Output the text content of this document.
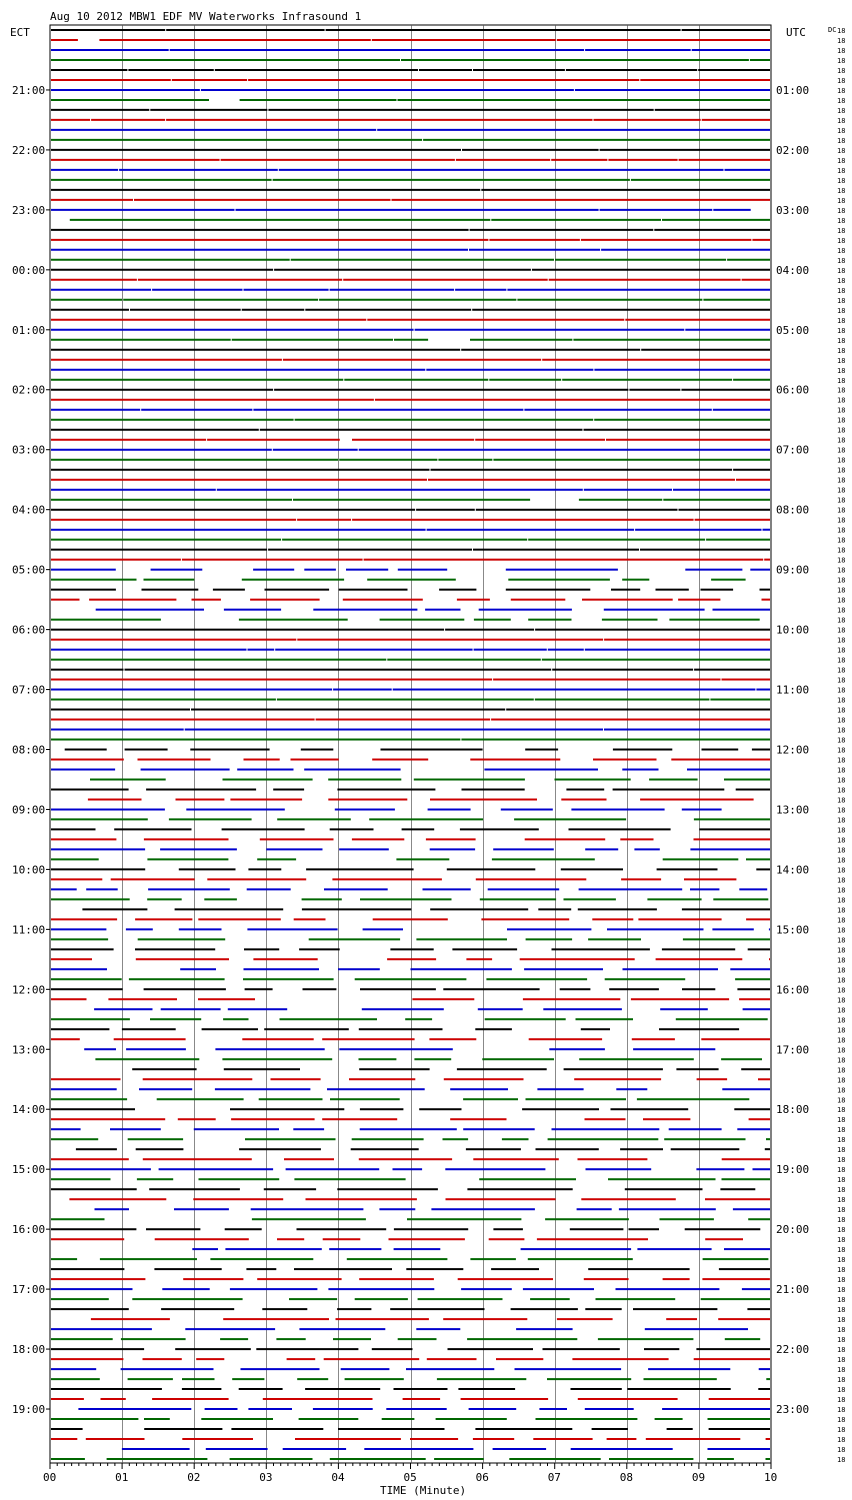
Aug 10 2012 MBW1 EDF MV Waterworks Infrasound 1
ECT	UTC	DC
TIME (Minute)
00	01	02	03	04	05	06	07	08	09	10
18
18
18
18
18
18
18
18
18
18
18
18
18
18
18
18
18
18
18
18
18
18
18
18
18
18
18
18
18
18
18
18
18
18
18
18
18
18
18
18
18
18
18
18
18
18
18
18
18
18
18
18
18
18
18
18
18
18
18
18
18
18
18
18
18
18
18
18
18
18
18
18
18
18
18
18
18
18
18
18
18
18
18
18
18
18
18
18
18
18
18
18
18
18
18
18
18
18
18
18
18
18
18
18
18
18
18
18
18
18
18
18
18
18
18
18
18
18
18
18
18
18
18
18
18
18
18
18
18
18
18
18
18
18
18
18
18
18
18
18
18
18
18
18
21:00
22:00
23:00
00:00
01:00
02:00
03:00
04:00
05:00
06:00
07:00
08:00
09:00
10:00
11:00
12:00
13:00
14:00
15:00
16:00
17:00
18:00
19:00
01:00
02:00
03:00
04:00
05:00
06:00
07:00
08:00
09:00
10:00
11:00
12:00
13:00
14:00
15:00
16:00
17:00
18:00
19:00
20:00
21:00
22:00
23:00
